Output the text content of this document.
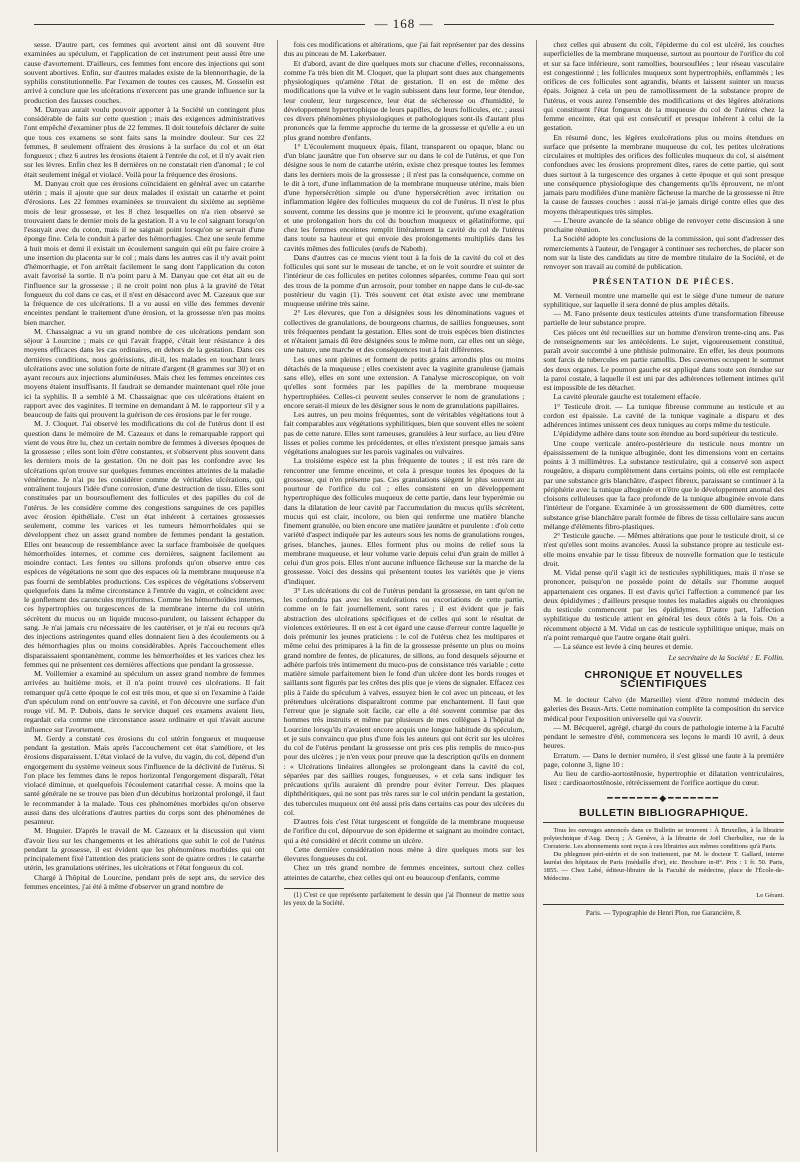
— 168 —

sesse. D'autre part, ces femmes qui avortent ainsi ont dû souvent être examinées au spéculum, et l'application de cet instrument peut aussi être une cause d'avortement. D'ailleurs, ces femmes font encore des injections qui sont souvent abortives. Enfin, sur d'autres malades existe de la blennorrhagie, de la syphilis constitutionnelle. Par l'examen de toutes ces causes, M. Gosselin est arrivé à conclure que les ulcérations n'exercent pas une grande influence sur la production des fausses couches.

M. Danyau aurait voulu pouvoir apporter à la Société un contingent plus considérable de faits sur cette question ; mais des exigences administratives l'ont empêché d'examiner plus de 22 femmes. Il doit toutefois déclarer de suite que tous ces examens se sont faits sans la moindre douleur. Sur ces 22 femmes, 8 seulement offraient des érosions à la surface du col et un état fongueux ; chez 6 autres les érosions étaient à l'entrée du col, et il n'y avait rien sur les lèvres. Enfin chez les 8 dernières on ne constatait rien d'anomal ; le col était seulement inégal et violacé. Voilà pour la fréquence des érosions.

M. Danyau croit que ces érosions coïncidaient en général avec un catarrhe utérin ; mais il ajoute que sur deux malades il existait un catarrhe et point d'érosions. Les 22 femmes examinées se trouvaient du sixième au septième mois de leur grossesse, et les 8 chez lesquelles on n'a rien observé se trouvaient dans le dernier mois de la gestation. Il a vu le col saignant lorsqu'on l'essuyait avec du coton, mais il ne saignait point lorsqu'on se servait d'une éponge fine. Cela le conduit à parler des hémorrhagies. Chez une seule femme à huit mois et demi il existait un écoulement sanguin qui eût pu faire croire à une insertion du placenta sur le col ; mais dans les autres cas il n'y avait point d'hémorrhagie, et l'on arrêtait facilement le sang dont l'application du coton avait favorisé la sortie. Il n'a point paru à M. Danyau que cet état ait eu de l'influence sur la grossesse ; il ne croit point non plus à la gravité de l'état fongueux du col dans ce cas, et il n'est en désaccord avec M. Cazeaux que sur la fréquence de ces ulcérations. Il a vu aussi en ville des femmes devenir enceintes pendant le traitement d'une érosion, et la grossesse n'en pas moins bien marcher.

M. Chassaignac a vu un grand nombre de ces ulcérations pendant son séjour à Lourcine ; mais ce qui l'avait frappé, c'était leur résistance à des moyens efficaces dans les cas ordinaires, en dehors de la gestation. Dans ces dernières conditions, nous guérissions, dit-il, les malades en touchant leurs ulcérations avec une solution forte de nitrate d'argent (8 grammes sur 30) et en ayant recours aux injections aluminéuses. Mais chez les femmes enceintes ces moyens étaient insuffisants. Il faudrait se demander maintenant quel rôle joue ici la syphilis. Il a semblé à M. Chassaignac que ces ulcérations étaient en rapport avec des vaginites. Il termine en demandant à M. le rapporteur s'il y a beaucoup de faits qui prouvent la guérison de ces érosions par le fer rouge.

M. J. Cloquet. J'ai observé les modifications du col de l'utérus dont il est question dans le mémoire de M. Cazeaux et dans le remarquable rapport qui vient de vous être lu, chez un certain nombre de femmes à diverses époques de la grossesse ; elles sont loin d'être constantes, et s'observent plus souvent dans les derniers mois de la gestation. On ne doit pas les confondre avec les ulcérations qu'on trouve sur quelques femmes enceintes atteintes de la maladie vénérienne. Je n'ai pu les considérer comme de véritables ulcérations, qui entraînent toujours l'idée d'une corrosion, d'une destruction de tissu. Elles sont constituées par un boursouflement des follicules et des papilles du col de l'utérus. Je les considère comme des congestions sanguines de ces papilles avec érosion épithéliale. C'est un état inhérent à certaines grossesses seulement, comme les varices et les tumeurs hémorrhoïdales qui se développent chez un assez grand nombre de femmes pendant la gestation. Elles ont beaucoup de ressemblance avec la surface framboisée de quelques hémorrhoïdes internes, et comme ces dernières, saignent facilement au moindre contact. Les fentes ou sillons profonds qu'on observe entre ces espèces de végétations ne sont que des espaces où la membrane muqueuse n'a pas fourni de semblables productions. Ces espèces de végétations s'observent quelquefois dans la même circonstance à l'entrée du vagin, et coïncident avec le gonflement des caroncules myrtiformes. Comme les hémorrhoïdes internes, ces hypertrophies ou turgescences de la membrane interne du col utérin sécrètent du mucus ou un liquide mucoso-purulent, ou laissent échapper du sang. Je n'ai jamais cru nécessaire de les cautériser, et je n'ai eu recours qu'à des injections astringentes quand elles donnaient lieu à des écoulements ou à des hémorrhagies plus ou moins considérables. Après l'accouchement elles disparaissaient spontanément, comme les hémorrhoïdes et les varices chez les femmes qui ne présentent ces dernières affections que pendant la grossesse.

M. Voillemier a examiné au spéculum un assez grand nombre de femmes arrivées au huitième mois, et il n'a point trouvé ces ulcérations. Il fait remarquer qu'à cette époque le col est très mou, et que si on l'examine à l'aide d'un spéculum rond on entr'ouvre sa cavité, et l'on découvre une surface d'un rouge vif. M. P. Dubois, dans le service duquel ces examens avaient lieu, regardait cela comme une circonstance assez ordinaire et qui n'avait aucune influence sur l'avortement.

M. Gerdy a constaté ces érosions du col utérin fongueux et muqueuse pendant la gestation. Mais après l'accouchement cet état s'améliore, et les érosions disparaissent. L'état violacé de la vulve, du vagin, du col, dépend d'un engorgement du système veineux sous l'influence de la déclivité de l'utérus. Si l'on place les femmes dans le repos horizontal l'engorgement disparaît, l'état violacé diminue, et quelquefois l'écoulement catarrhal cesse. A moins que la santé générale ne se trouve pas bien d'un décubitus horizontal prolongé, il faut le recommander à la malade. Tous ces phénomènes morbides qu'on observe aussi dans des ulcérations d'autres parties du corps sont des phénomènes de pesanteur.

M. Huguier. D'après le travail de M. Cazeaux et la discussion qui vient d'avoir lieu sur les changements et les altérations que subit le col de l'utérus pendant la grossesse, il est évident que les phénomènes morbides qui ont principalement fixé l'attention des praticiens sont de quatre ordres : le catarrhe utérin, les granulations utérines, les ulcérations et l'état fongueux du col.

Chargé à l'hôpital de Lourcine, pendant près de sept ans, du service des femmes enceintes, j'ai été à même d'observer un grand nombre de

fois ces modifications et altérations, que j'ai fait représenter par des dessins dus au pinceau de M. Lakerbauer.

Et d'abord, avant de dire quelques mots sur chacune d'elles, reconnaissons, comme l'a très bien dit M. Cloquet, que la plupart sont dues aux changements physiologiques qu'amène l'état de gestation. Il en est de même des modifications que la vulve et le vagin subissent dans leur forme, leur étendue, leur couleur, leur turgescence, leur état de sécheresse ou d'humidité, le développement hypertrophique de leurs papilles, de leurs follicules, etc. ; aussi ces divers phénomènes physiologiques et pathologiques sont-ils d'autant plus prononcés que la femme approche du terme de la grossesse et qu'elle a eu un plus grand nombre d'enfants.

1° L'écoulement muqueux épais, filant, transparent ou opaque, blanc ou d'un blanc jaunâtre que l'on observe sur ou dans le col de l'utérus, et que l'on désigne sous le nom de catarrhe utérin, existe chez presque toutes les femmes dans les derniers mois de la grossesse ; il n'est pas la conséquence, comme on le dit à tort, d'une inflammation de la membrane muqueuse utérine, mais bien d'une hypersécrétion simple ou d'une hypersécrétion avec irritation ou inflammation légère des follicules muqueux du col de l'utérus. Il n'est le plus souvent, comme les dessins que je montre ici le prouvent, qu'une exagération et une prolongation hors du col du bouchon muqueux et gélatiniforme, qui chez les femmes enceintes remplit littéralement la cavité du col de l'utérus dans toute sa hauteur et qui envoie des prolongements multipliés dans les cavités mêmes des follicules (œufs de Naboth).

Dans d'autres cas ce mucus vient tout à la fois de la cavité du col et des follicules qui sont sur le museau de tanche, et on le voit sourdre et suinter de l'intérieur de ces follicules en petites colonnes séparées, comme l'eau qui sort des trous de la pomme d'un arrosoir, pour tomber en nappe dans le cul-de-sac postérieur du vagin (1). Très souvent cet état existe avec une membrane muqueuse utérine très saine.

2° Les élevures, que l'on a désignées sous les dénominations vagues et collectives de granulations, de bourgeons charnus, de saillies fongueuses, sont très fréquentes pendant la gestation. Elles sont de trois espèces bien distinctes et n'étaient jamais dû être désignées sous le même nom, car elles ont un siège, une nature, une marche et des conséquences tout à fait différentes.

Les unes sont pleines et forment de petits grains arrondis plus ou moins détachés de la muqueuse ; elles coexistent avec la vaginite granuleuse (jamais sans elle), elles en sont une extension. A l'analyse microscopique, on voit qu'elles sont formées par les papilles de la membrane muqueuse hypertrophiées. Celles-ci peuvent seules conserver le nom de granulations ; encore serait-il mieux de les désigner sous le nom de granulations papillaires.

Les autres, un peu moins fréquentes, sont de véritables végétations tout à fait comparables aux végétations syphilitiques, bien que souvent elles ne soient pas de cette nature. Elles sont rameuses, granulées à leur surface, au lieu d'être lisses et polies comme les précédentes, et elles n'existent presque jamais sans végétations analogues sur les parois vaginales ou vulvaires.

La troisième espèce est la plus fréquente de toutes ; il est très rare de rencontrer une femme enceinte, et cela à presque toutes les époques de la grossesse, qui n'en présente pas. Ces granulations siègent le plus souvent au pourtour de l'orifice du col ; elles consistent en un développement hypertrophique des follicules muqueux de cette partie, dans leur hyperémie ou dans la dilatation de leur cavité par l'accumulation du mucus qu'ils sécrètent, mucus qui est clair, incolore, ou bien qui renferme une matière blanche finement granulée, ou bien encore une matière jaunâtre et purulente : d'où cette variété d'aspect indiquée par les auteurs sous les noms de granulations rouges, grises, blanches, jaunes. Elles forment plus ou moins de relief sous la membrane muqueuse, et leur volume varie depuis celui d'un grain de millet à celui d'un gros pois. Elles n'ont aucune influence fâcheuse sur la marche de la grossesse. Voici des dessins qui présentent toutes les variétés que je viens d'indiquer.

3° Les ulcérations du col de l'utérus pendant la grossesse, en tant qu'on ne les confondra pas avec les exulcérations ou excoriations de cette partie, comme on le fait journellement, sont rares ; il est évident que je fais abstraction des ulcérations spécifiques et de celles qui sont le résultat de violences extérieures. Il en est à cet égard une cause d'erreur contre laquelle je dois prémunir les jeunes praticiens : le col de l'utérus chez les multipares et même celui des primipares à la fin de la grossesse présente un plus ou moins grand nombre de fentes, de plicatures, de sillons, au fond desquels séjourne et adhère parfois très intimement du muco-pus de consistance très variable ; cette matière simule parfaitement bien le fond d'un ulcère dont les bords rouges et saillants sont figurés par les crêtes des plis que je viens de signaler. Effacez ces plis à l'aide du spéculum à valves, essuyez bien le col avec un pinceau, et les prétendues ulcérations disparaîtront comme par enchantement. Il faut que l'erreur que je signale soit facile, car elle a été souvent commise par des hommes très instruits et même par plusieurs de mes collègues à l'hôpital de Lourcine lorsqu'ils n'avaient encore acquis une longue habitude du spéculum, et je suis convaincu que plus d'une fois les auteurs qui ont écrit sur les ulcères du col de l'utérus pendant la grossesse ont pris ces plis remplis de muco-pus pour des ulcères ; je n'en veux pour preuve que la description qu'ils en donnent : « Ulcérations linéaires allongées se prolongeant dans la cavité du col, séparées par des saillies rouges, fongueuses, » et cela sans indiquer les précautions qu'ils auraient dû prendre pour éviter l'erreur. Des plaques diphthéritiques, qui ne sont pas très rares sur le col utérin pendant la gestation, des tubercules muqueux ont été aussi pris dans certains cas pour des ulcères du col.

D'autres fois c'est l'état turgescent et fongoïde de la membrane muqueuse de l'orifice du col, dépourvue de son épiderme et saignant au moindre contact, qui a été considéré et décrit comme un ulcère.

Cette dernière considération nous mène à dire quelques mots sur les élevures fongueuses du col.

Chez un très grand nombre de femmes enceintes, surtout chez celles atteintes de catarrhe, chez celles qui ont eu beaucoup d'enfants, comme

(1) C'est ce que représente parfaitement le dessin que j'ai l'honneur de mettre sous les yeux de la Société.

chez celles qui abusent du coït, l'épiderme du col est ulcéré, les couches superficielles de la membrane muqueuse, surtout au pourtour de l'orifice du col et sur sa face inférieure, sont ramollies, boursouflées ; leur réseau vasculaire est congestionné ; les follicules muqueux sont hypertrophiés, enflammés ; les orifices de ces follicules sont agrandis, béants et laissent suinter un mucus épais. Joignez à cela un peu de ramollissement de la substance propre de l'utérus, et vous aurez l'ensemble des modifications et des légères altérations qui constituent l'état fongueux de la muqueuse du col de l'utérus chez la femme enceinte, état qui est consécutif et presque inhérent à celui de la gestation.

En résumé donc, les légères exulcérations plus ou moins étendues en surface que présente la membrane muqueuse du col, les petites ulcérations circulaires et multiples des orifices des follicules muqueux du col, si aisément confondues avec les érosions proprement dites, rares de cette partie, qui sont dues surtout à la turgescence des organes à cette époque et qui sont presque une conséquence physiologique des changements qu'ils éprouvent, ne m'ont jamais paru modifiées d'une manière fâcheuse la marche de la grossesse ni être la cause de fausses couches : aussi n'ai-je jamais dirigé contre elles que des moyens thérapeutiques très simples.

— L'heure avancée de la séance oblige de renvoyer cette discussion à une prochaine réunion.

La Société adopte les conclusions de la commission, qui sont d'adresser des remerciements à l'auteur, de l'engager à continuer ses recherches, de placer son nom sur la liste des candidats au titre de membre titulaire de la Société, et de renvoyer son travail au comité de publication.

PRÉSENTATION DE PIÈCES.

M. Verneuil montre une mamelle qui est le siège d'une tumeur de nature syphilitique, sur laquelle il sera donné de plus amples détails.

— M. Fano présente deux testicules atteints d'une transformation fibreuse partielle de leur substance propre.

Ces pièces ont été recueillies sur un homme d'environ trente-cinq ans. Pas de renseignements sur les antécédents. Le sujet, vigoureusement constitué, paraît avoir succombé à une phthisie pulmonaire. En effet, les deux poumons sont farcis de tubercules en partie ramollis. Des cavernes occupent le sommet des deux organes. Le poumon gauche est appliqué dans toute son étendue sur la paroi costale, à laquelle il est uni par des adhérences tellement intimes qu'il est impossible de les détacher.

La cavité pleurale gauche est totalement effacée.

1° Testicule droit. — La tunique fibreuse commune au testicule et au cordon est épaissie. La cavité de la tunique vaginale a disparu et des adhérences intimes unissent ces deux tuniques au corps même du testicule.

L'épididyme adhère dans toute son étendue au bord supérieur du testicule.

Une coupe verticale antéro-postérieure du testicule nous montre un épaississement de la tunique albuginée, dont les dimensions vont en certains points à 3 millimètres. La substance testiculaire, qui a conservé son aspect rougeâtre, a disparu complètement dans certains points, où elle est remplacée par une substance gris blanchâtre, d'aspect fibreux, paraissant se continuer à la périphérie avec la tunique albuginée et n'être que le développement anomal des cloisons celluleuses que la face profonde de la tunique albuginée envoie dans l'intérieur de l'organe. Examinée à un grossissement de 600 diamètres, cette substance grise blanchâtre paraît formée de fibres de tissu cellulaire sans aucun mélange d'éléments fibro-plastiques.

2° Testicule gauche. — Mêmes altérations que pour le testicule droit, si ce n'est qu'elles sont moins avancées. Aussi la substance propre au testicule est-elle moins envahie par le tissu fibreux de nouvelle formation que le testicule droit.

M. Vidal pense qu'il s'agit ici de testicules syphilitiques, mais il n'ose se prononcer, puisqu'on ne possède point de détails sur l'homme auquel appartenaient ces organes. Il est d'avis qu'ici l'affection a commencé par les deux épididymes ; d'ailleurs presque toutes les maladies aiguës ou chroniques du testicule commencent par les épididymes. D'autre part, l'affection syphilitique du testicule attient en général les deux côtés à la fois. On a récemment objecté à M. Vidal un cas de testicule syphilitique unique, mais on n'a point remarqué que l'autre organe était guéri.

— La séance est levée à cinq heures et demie.

Le secrétaire de la Société : E. Follin.
CHRONIQUE ET NOUVELLES SCIENTIFIQUES

M. le docteur Calvo (de Marseille) vient d'être nommé médecin des galeries des Beaux-Arts. Cette nomination complète la composition du service médical pour l'exposition universelle qui va s'ouvrir.

— M. Bécquerel, agrégé, chargé du cours de pathologie interne à la Faculté pendant le semestre d'été, commencera ses leçons le mardi 10 avril, à deux heures.

Erratum. — Dans le dernier numéro, il s'est glissé une faute à la première page, colonne 3, ligne 10 :

Au lieu de cardio-aortostênosie, hypertrophie et dilatation ventriculaires, lisez : cardioaortostênosie, rétrécissement de l'orifice aortique du cœur.

━━━━━━━◆━━━━━━━
BULLETIN BIBLIOGRAPHIQUE.

Tous les ouvrages annoncés dans ce Bulletin se trouvent : À Bruxelles, à la librairie polytechnique d'Aug. Decq ; À Genève, à la librairie de Joël Cherbuliez, rue de la Corraterie. Les abonnements sont reçus à ces librairies aux mêmes conditions qu'à Paris.

Du phlegmon péri-utérin et de son traitement, par M. le docteur T. Gallard, interne lauréat des hôpitaux de Paris (médaille d'or), etc. Brochure in-8°. Prix : 1 fr. 50. Paris, 1855. — Chez Labé, éditeur-libraire de la Faculté de médecine, place de l'École-de-Médecine.

Le Gérant.
Paris. — Typographie de Henri Plon, rue Garancière, 8.
